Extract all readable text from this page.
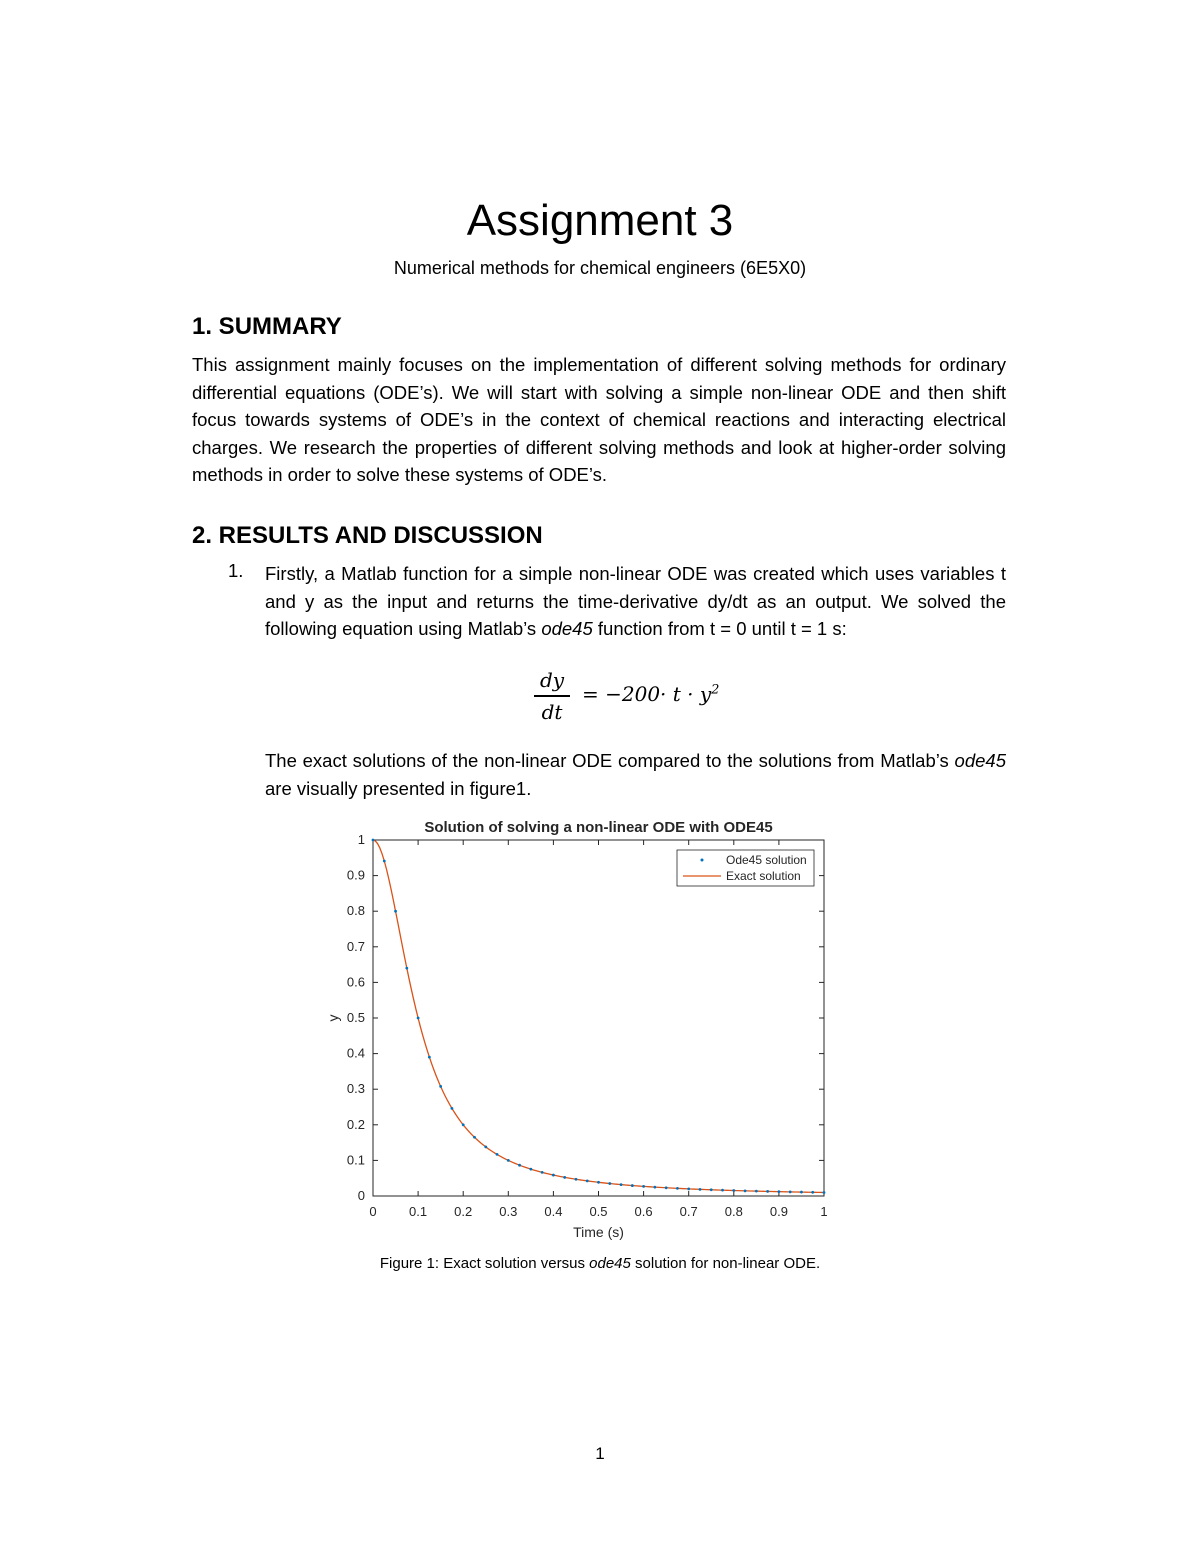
Assignment 3
Numerical methods for chemical engineers (6E5X0)
1. SUMMARY
This assignment mainly focuses on the implementation of different solving methods for ordinary differential equations (ODE’s). We will start with solving a simple non-linear ODE and then shift focus towards systems of ODE’s in the context of chemical reactions and interacting electrical charges. We research the properties of different solving methods and look at higher-order solving methods in order to solve these systems of ODE’s.
2. RESULTS AND DISCUSSION
1. Firstly, a Matlab function for a simple non-linear ODE was created which uses variables t and y as the input and returns the time-derivative dy/dt as an output. We solved the following equation using Matlab’s ode45 function from t = 0 until t = 1 s:
dy
dt
= $-200\cdot t \cdot y^2$
The exact solutions of the non-linear ODE compared to the solutions from Matlab’s ode45 are visually presented in figure1.
Solution of solving a non-linear ODE with ODE45
0 0.1 0.2 0.3 0.4 0.5 0.6 0.7 0.8 0.9 1
0
0.1
0.2
0.3
0.4
0.5
0.6
0.7
0.8
0.9
1
Time (s)
y
Ode45 solution
Exact solution
Figure 1: Exact solution versus ode45 solution for non-linear ODE.
1
